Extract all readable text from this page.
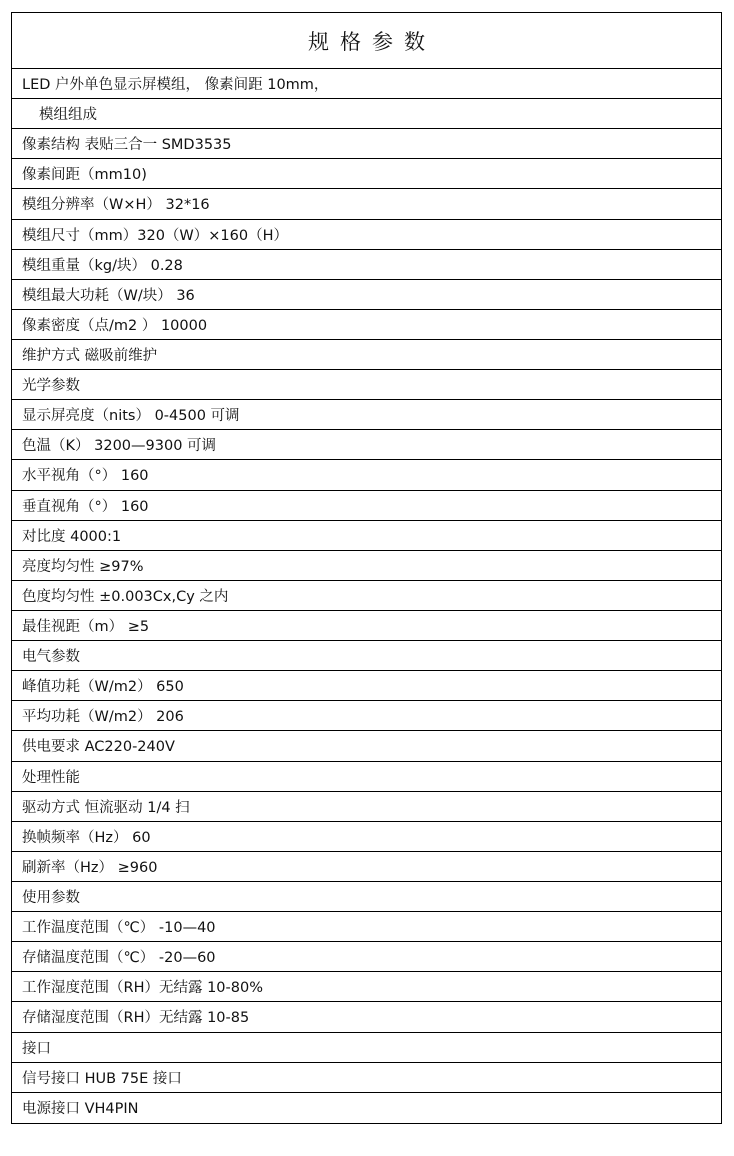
规格参数
LED 户外单色显示屏模组， 像素间距 10mm，
模组组成
像素结构 表贴三合一 SMD3535
像素间距（mm10)
模组分辨率（W×H） 32*16
模组尺寸（mm）320（W）×160（H）
模组重量（kg/块） 0.28
模组最大功耗（W/块） 36
像素密度（点/m2 ） 10000
维护方式 磁吸前维护
光学参数
显示屏亮度（nits） 0-4500 可调
色温（K） 3200—9300 可调
水平视角（°） 160
垂直视角（°） 160
对比度 4000:1
亮度均匀性 ≥97%
色度均匀性 ±0.003Cx,Cy 之内
最佳视距（m） ≥5
电气参数
峰值功耗（W/m2） 650
平均功耗（W/m2） 206
供电要求 AC220-240V
处理性能
驱动方式 恒流驱动 1/4 扫
换帧频率（Hz） 60
刷新率（Hz） ≥960
使用参数
工作温度范围（℃） -10—40
存储温度范围（℃） -20—60
工作湿度范围（RH）无结露 10-80%
存储湿度范围（RH）无结露 10-85
接口
信号接口 HUB 75E 接口
电源接口 VH4PIN
